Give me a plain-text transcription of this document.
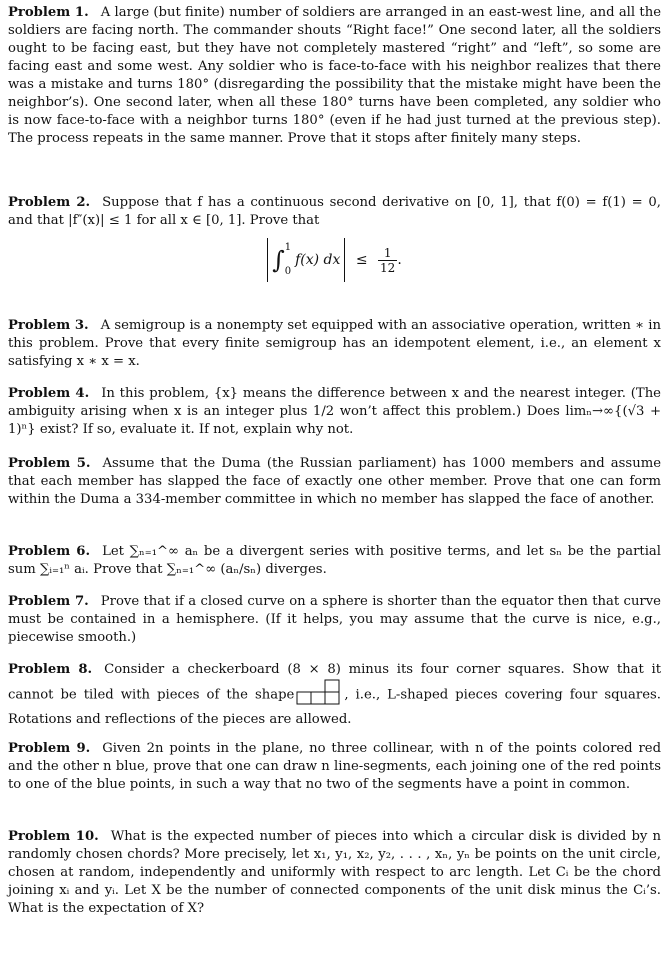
Problem 1. A large (but finite) number of soldiers are arranged in an east-west line, and all the soldiers are facing north. The commander shouts “Right face!” One second later, all the soldiers ought to be facing east, but they have not completely mastered “right” and “left”, so some are facing east and some west. Any soldier who is face-to-face with his neighbor realizes that there was a mistake and turns 180° (disregarding the possibility that the mistake might have been the neighbor’s). One second later, when all these 180° turns have been completed, any soldier who is now face-to-face with a neighbor turns 180° (even if he had just turned at the previous step). The process repeats in the same manner. Prove that it stops after finitely many steps.

Problem 2. Suppose that f has a continuous second derivative on [0, 1], that f(0) = f(1) = 0, and that |f″(x)| ≤ 1 for all x ∈ [0, 1]. Prove that

∫ 1
0
f(x) dx ≤ $\frac{1}{12}$ .

Problem 3. A semigroup is a nonempty set equipped with an associative operation, written ∗ in this problem. Prove that every finite semigroup has an idempotent element, i.e., an element x satisfying x ∗ x = x.

Problem 4. In this problem, {x} means the difference between x and the nearest integer. (The ambiguity arising when x is an integer plus 1/2 won’t affect this problem.) Does limₙ→∞{(√3 + 1)ⁿ} exist? If so, evaluate it. If not, explain why not.

Problem 5. Assume that the Duma (the Russian parliament) has 1000 members and assume that each member has slapped the face of exactly one other member. Prove that one can form within the Duma a 334-member committee in which no member has slapped the face of another.

Problem 6. Let ∑ₙ₌₁^∞ aₙ be a divergent series with positive terms, and let sₙ be the partial sum ∑ᵢ₌₁ⁿ aᵢ. Prove that ∑ₙ₌₁^∞ (aₙ/sₙ) diverges.

Problem 7. Prove that if a closed curve on a sphere is shorter than the equator then that curve must be contained in a hemisphere. (If it helps, you may assume that the curve is nice, e.g., piecewise smooth.)

Problem 8. Consider a checkerboard (8 × 8) minus its four corner squares. Show that it cannot be tiled with pieces of the shape	, i.e., L-shaped pieces covering four squares. Rotations and reflections of the pieces are allowed.

Problem 9. Given 2n points in the plane, no three collinear, with n of the points colored red and the other n blue, prove that one can draw n line-segments, each joining one of the red points to one of the blue points, in such a way that no two of the segments have a point in common.

Problem 10. What is the expected number of pieces into which a circular disk is divided by n randomly chosen chords? More precisely, let x₁, y₁, x₂, y₂, . . . , xₙ, yₙ be points on the unit circle, chosen at random, independently and uniformly with respect to arc length. Let Cᵢ be the chord joining xᵢ and yᵢ. Let X be the number of connected components of the unit disk minus the Cᵢ’s. What is the expectation of X?
